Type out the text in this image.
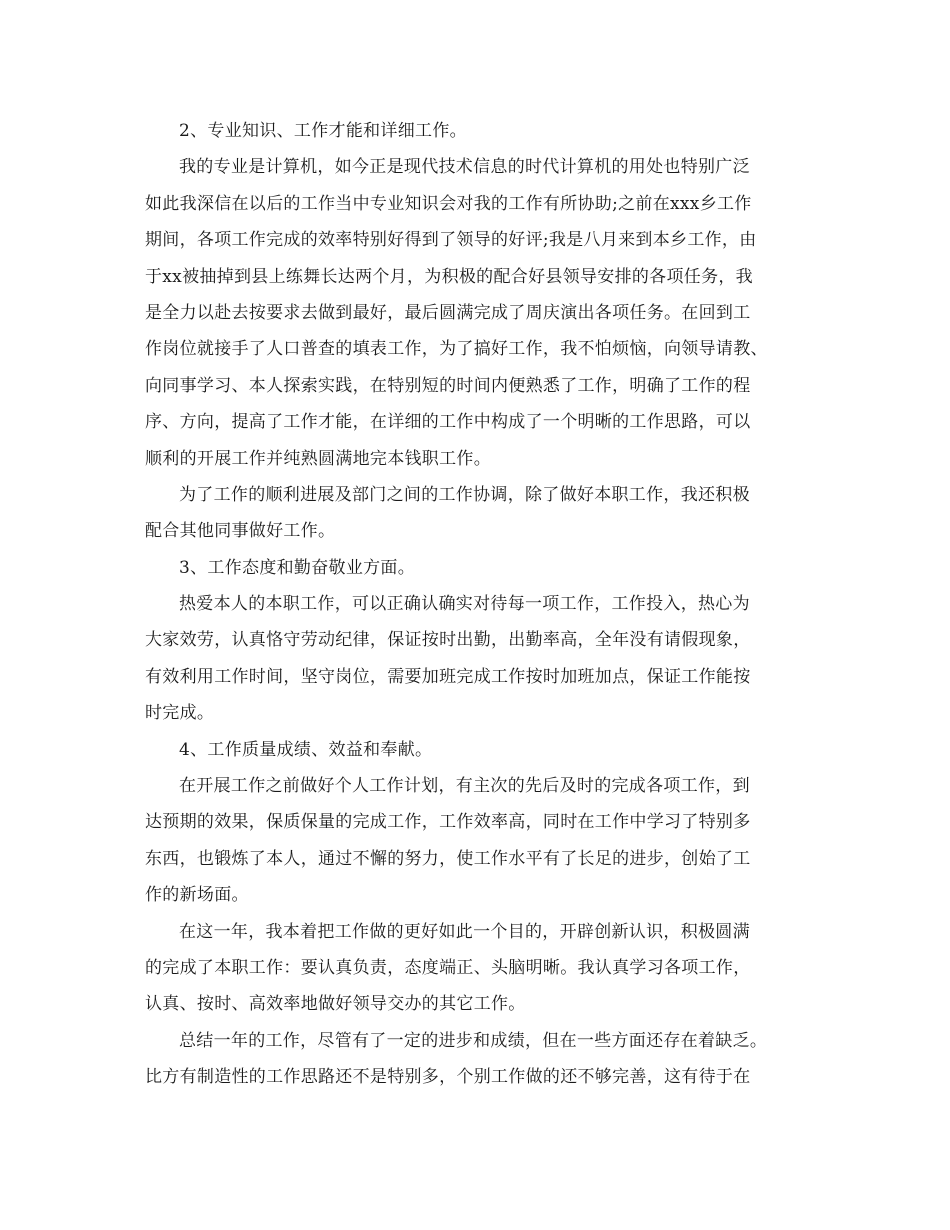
2、专业知识、工作才能和详细工作。
我的专业是计算机，如今正是现代技术信息的时代计算机的用处也特别广泛
如此我深信在以后的工作当中专业知识会对我的工作有所协助;之前在xxx乡工作
期间，各项工作完成的效率特别好得到了领导的好评;我是八月来到本乡工作，由
于xx被抽掉到县上练舞长达两个月，为积极的配合好县领导安排的各项任务，我
是全力以赴去按要求去做到最好，最后圆满完成了周庆演出各项任务。在回到工
作岗位就接手了人口普查的填表工作，为了搞好工作，我不怕烦恼，向领导请教、
向同事学习、本人探索实践，在特别短的时间内便熟悉了工作，明确了工作的程
序、方向，提高了工作才能，在详细的工作中构成了一个明晰的工作思路，可以
顺利的开展工作并纯熟圆满地完本钱职工作。
为了工作的顺利进展及部门之间的工作协调，除了做好本职工作，我还积极
配合其他同事做好工作。
3、工作态度和勤奋敬业方面。
热爱本人的本职工作，可以正确认确实对待每一项工作，工作投入，热心为
大家效劳，认真恪守劳动纪律，保证按时出勤，出勤率高，全年没有请假现象，
有效利用工作时间，坚守岗位，需要加班完成工作按时加班加点，保证工作能按
时完成。
4、工作质量成绩、效益和奉献。
在开展工作之前做好个人工作计划，有主次的先后及时的完成各项工作，到
达预期的效果，保质保量的完成工作，工作效率高，同时在工作中学习了特别多
东西，也锻炼了本人，通过不懈的努力，使工作水平有了长足的进步，创始了工
作的新场面。
在这一年，我本着把工作做的更好如此一个目的，开辟创新认识，积极圆满
的完成了本职工作：要认真负责，态度端正、头脑明晰。我认真学习各项工作，
认真、按时、高效率地做好领导交办的其它工作。
总结一年的工作，尽管有了一定的进步和成绩，但在一些方面还存在着缺乏。
比方有制造性的工作思路还不是特别多，个别工作做的还不够完善，这有待于在
